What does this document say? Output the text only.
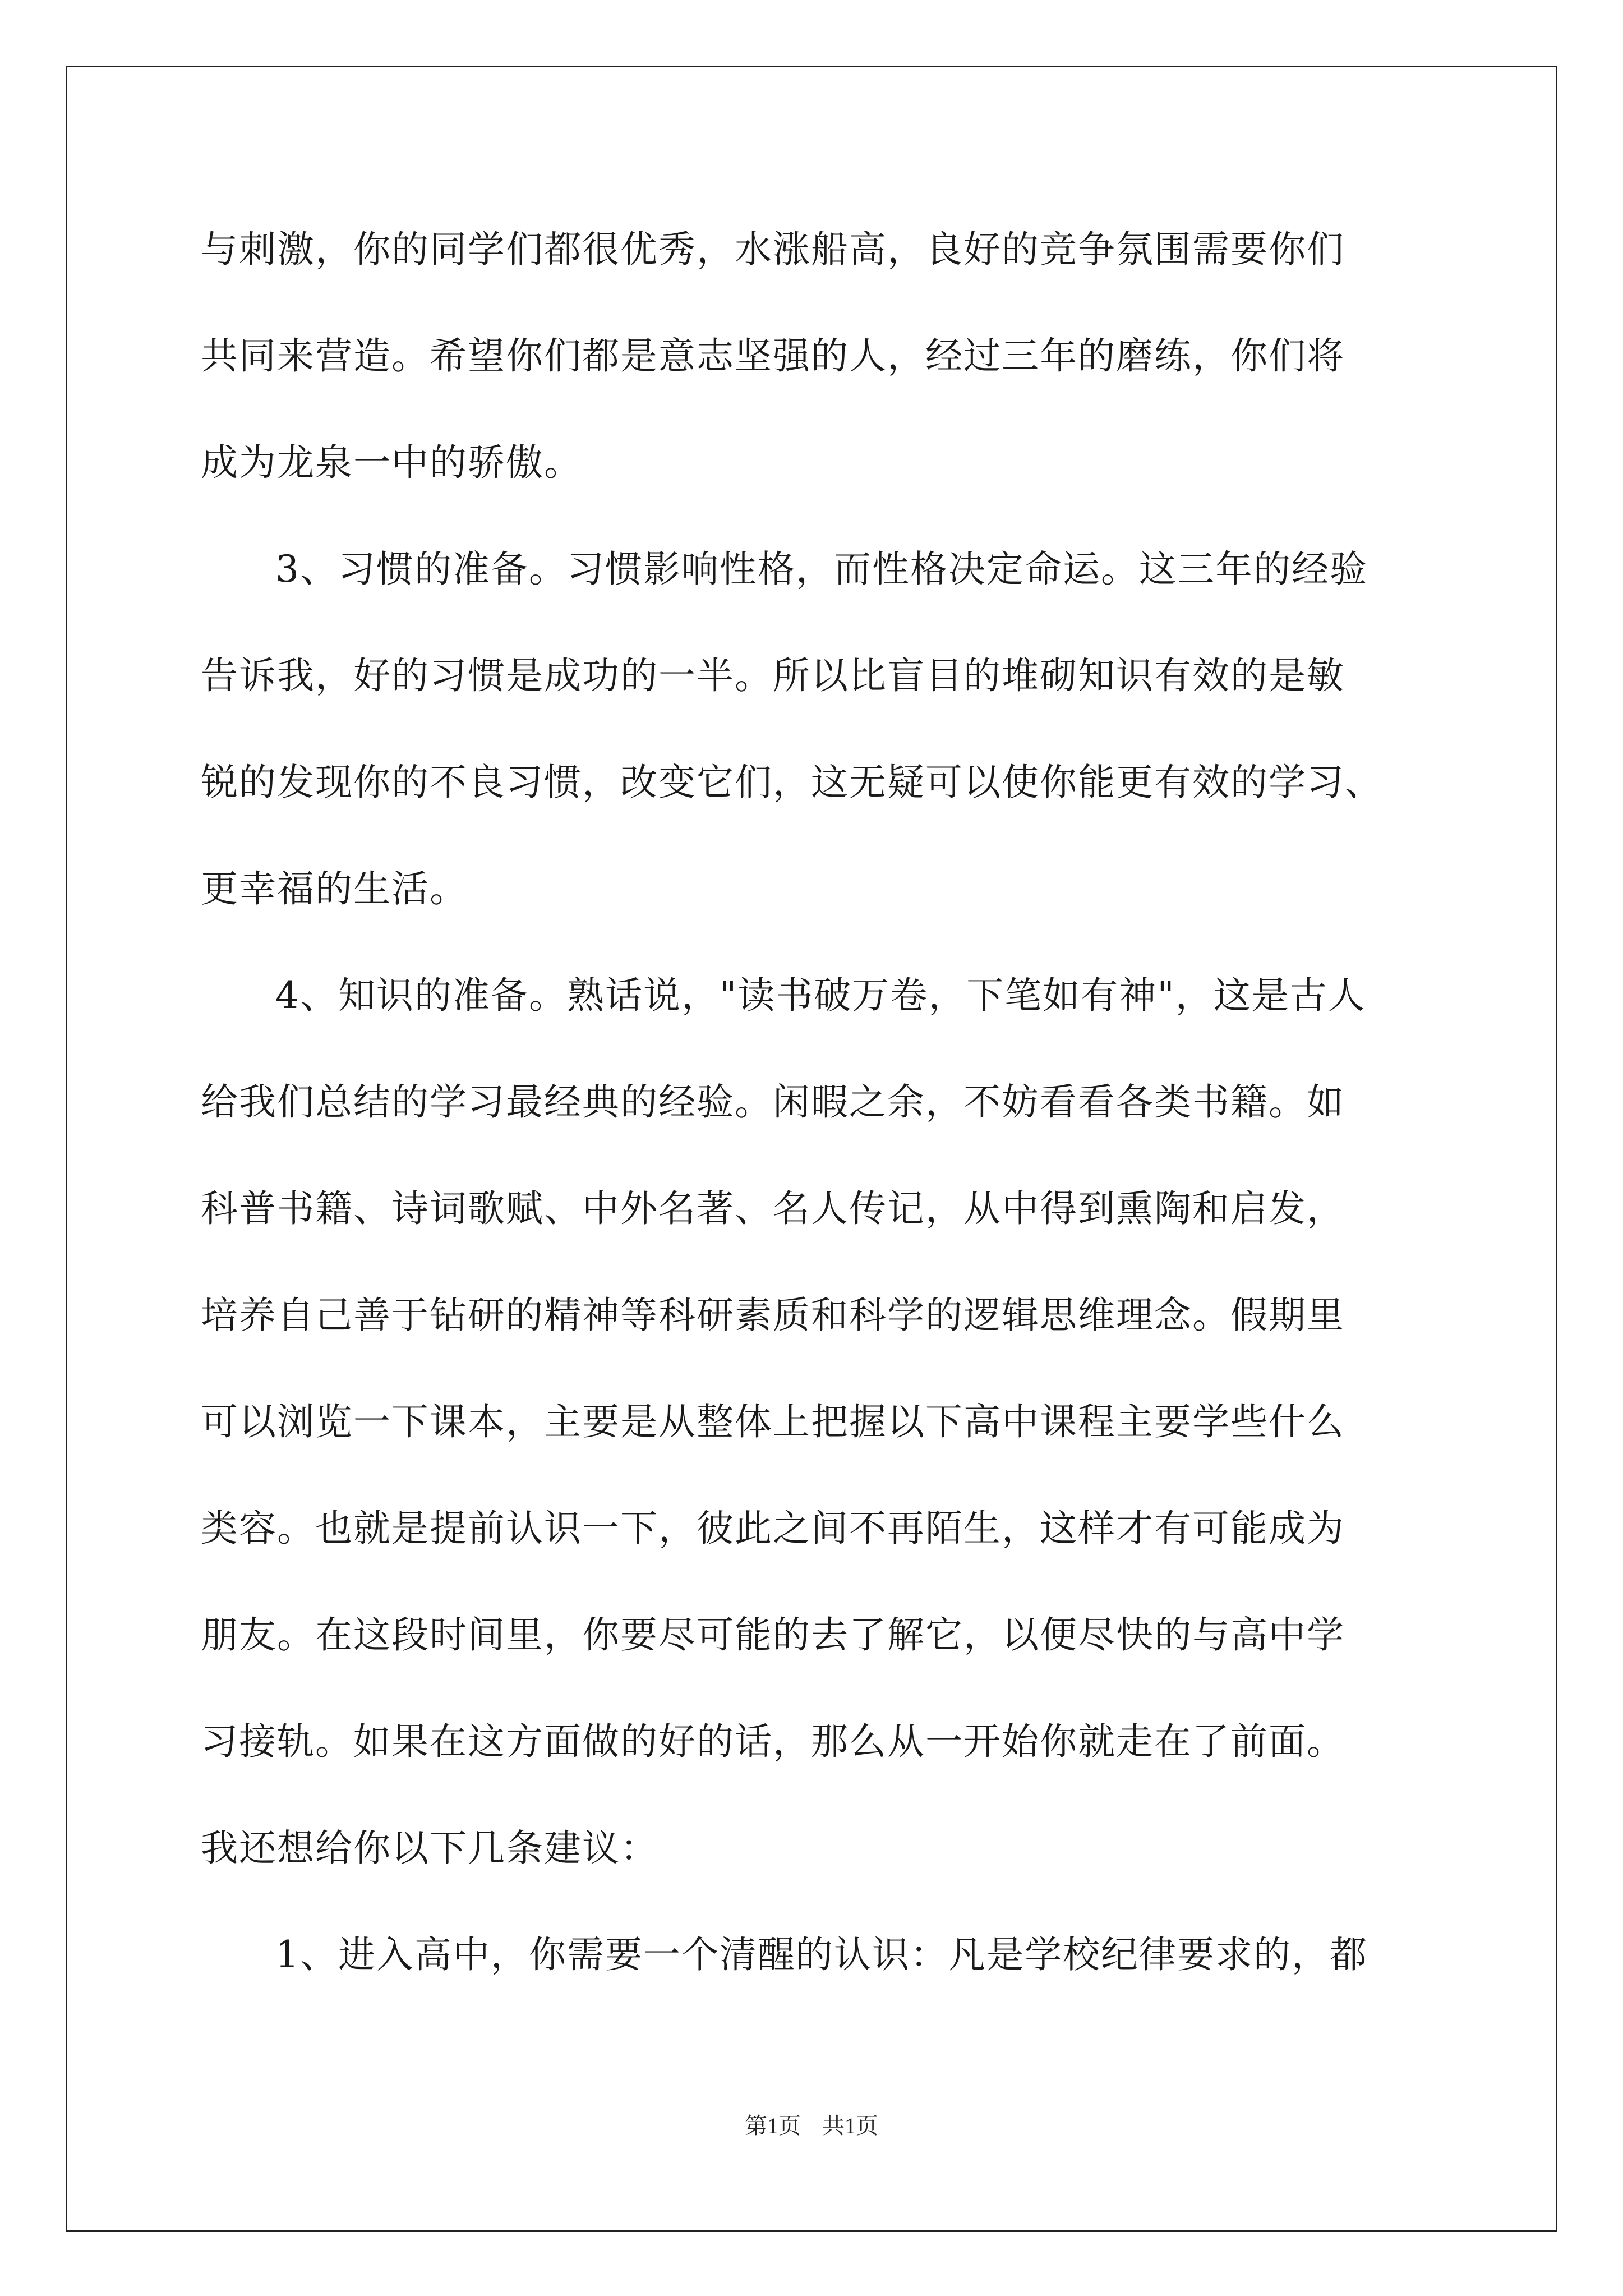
与刺激，你的同学们都很优秀，水涨船高，良好的竞争氛围需要你们
共同来营造。希望你们都是意志坚强的人，经过三年的磨练，你们将
成为龙泉一中的骄傲。
3、习惯的准备。习惯影响性格，而性格决定命运。这三年的经验
告诉我，好的习惯是成功的一半。所以比盲目的堆砌知识有效的是敏
锐的发现你的不良习惯，改变它们，这无疑可以使你能更有效的学习、
更幸福的生活。
4、知识的准备。熟话说，"读书破万卷，下笔如有神"，这是古人
给我们总结的学习最经典的经验。闲暇之余，不妨看看各类书籍。如
科普书籍、诗词歌赋、中外名著、名人传记，从中得到熏陶和启发，
培养自己善于钻研的精神等科研素质和科学的逻辑思维理念。假期里
可以浏览一下课本，主要是从整体上把握以下高中课程主要学些什么
类容。也就是提前认识一下，彼此之间不再陌生，这样才有可能成为
朋友。在这段时间里，你要尽可能的去了解它，以便尽快的与高中学
习接轨。如果在这方面做的好的话，那么从一开始你就走在了前面。
我还想给你以下几条建议：
1、进入高中，你需要一个清醒的认识：凡是学校纪律要求的，都
第1页 共1页
